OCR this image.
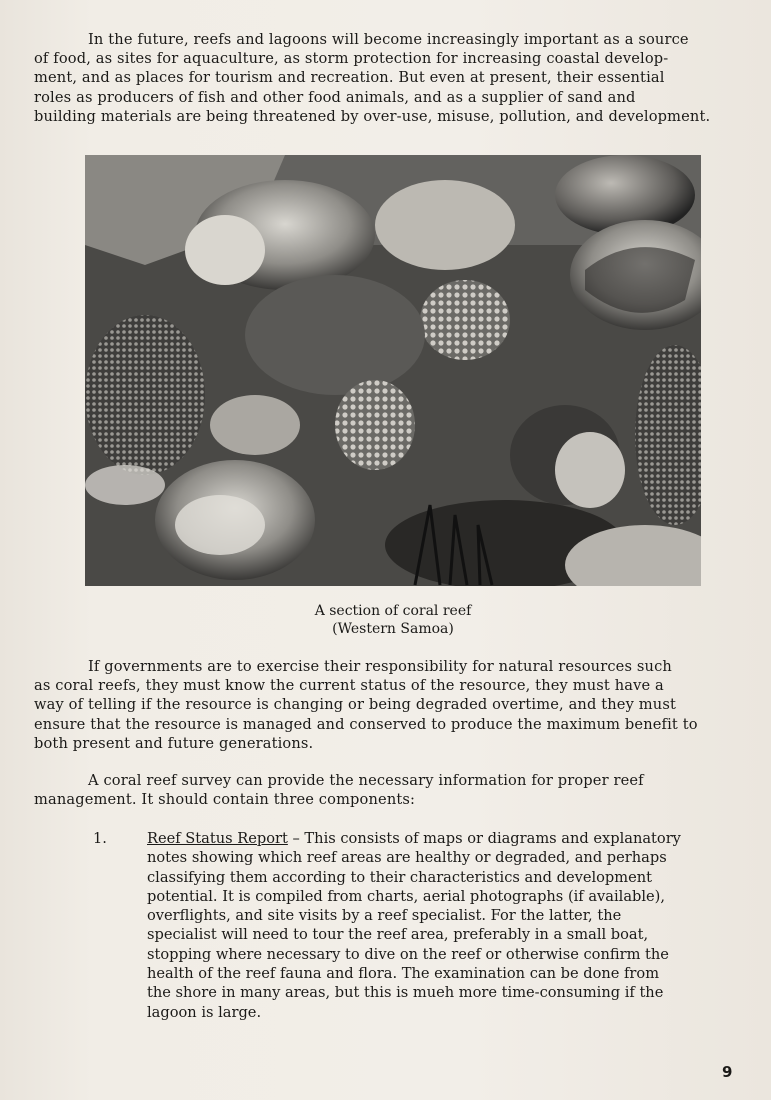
In the future, reefs and lagoons will become increasingly important as a source
of food, as sites for aquaculture, as storm protection for increasing coastal develop-
ment, and as places for tourism and recreation. But even at present, their essential
roles as producers of fish and other food animals, and as a supplier of sand and
building materials are being threatened by over-use, misuse, pollution, and development.
A section of coral reef
(Western Samoa)
If governments are to exercise their responsibility for natural resources such
as coral reefs, they must know the current status of the resource, they must have a
way of telling if the resource is changing or being degraded overtime, and they must
ensure that the resource is managed and conserved to produce the maximum benefit to
both present and future generations.
A coral reef survey can provide the necessary information for proper reef
management. It should contain three components:
1.	Reef Status Report – This consists of maps or diagrams and explanatory
notes showing which reef areas are healthy or degraded, and perhaps
classifying them according to their characteristics and development
potential. It is compiled from charts, aerial photographs (if available),
overflights, and site visits by a reef specialist. For the latter, the
specialist will need to tour the reef area, preferably in a small boat,
stopping where necessary to dive on the reef or otherwise confirm the
health of the reef fauna and flora. The examination can be done from
the shore in many areas, but this is mueh more time-consuming if the
lagoon is large.
9
